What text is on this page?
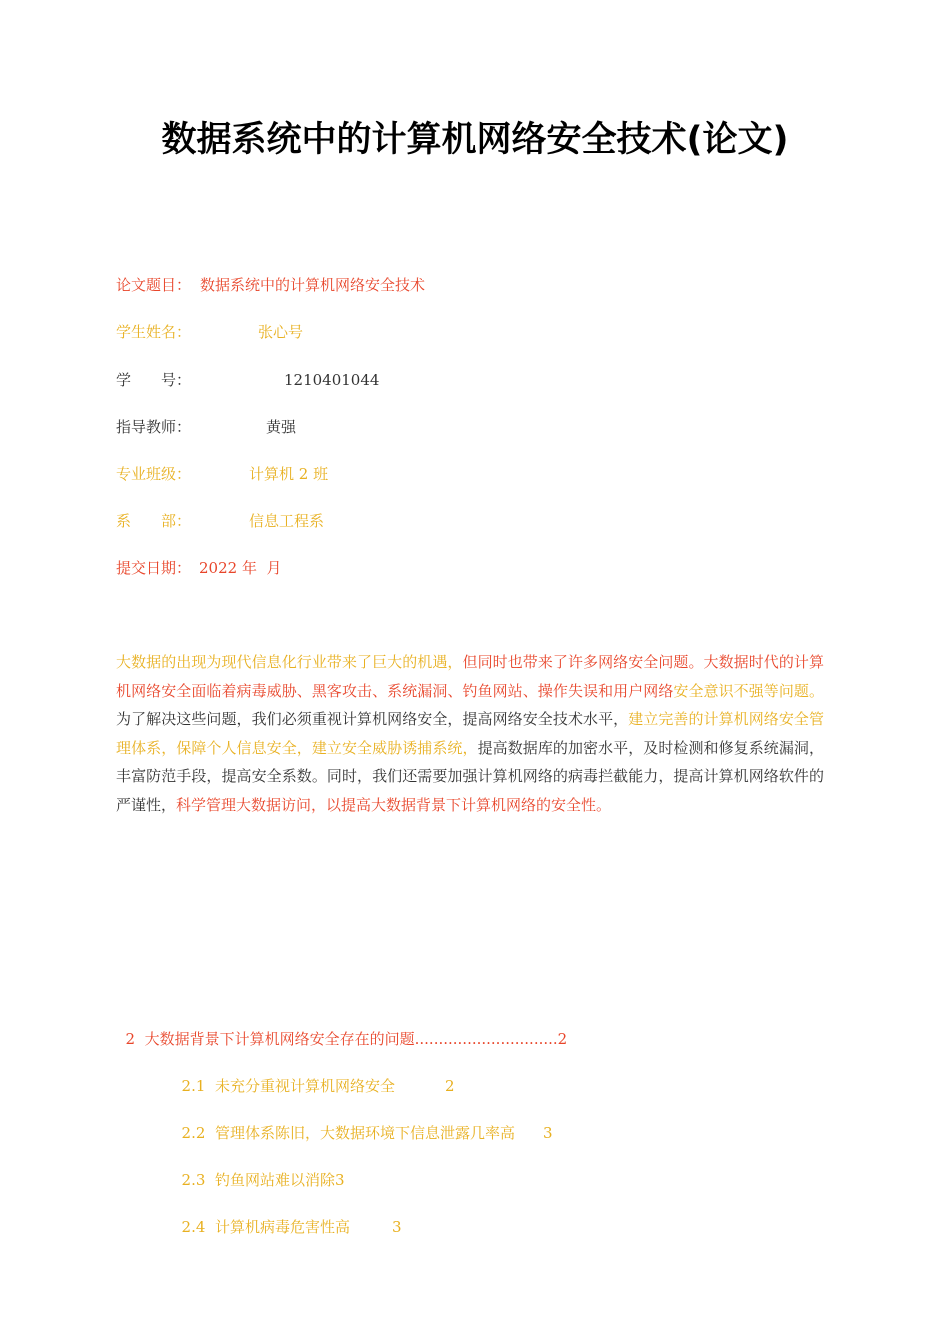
数据系统中的计算机网络安全技术(论文)

论文题目：

数据系统中的计算机网络安全技术

学生姓名：

	张心号

学　　号：

	1210401044

指导教师：

	黄强

专业班级：

	计算机 2 班

系　　部：

	信息工程系

提交日期：

2022 年  月

大数据的出现为现代信息化行业带来了巨大的机遇，但同时也带来了许多网络安全问题。大数据时代的计算机网络安全面临着病毒威胁、黑客攻击、系统漏洞、钓鱼网站、操作失误和用户网络安全意识不强等问题。为了解决这些问题，我们必须重视计算机网络安全，提高网络安全技术水平，建立完善的计算机网络安全管理体系，保障个人信息安全，建立安全威胁诱捕系统，提高数据库的加密水平，及时检测和修复系统漏洞，丰富防范手段，提高安全系数。同时，我们还需要加强计算机网络的病毒拦截能力，提高计算机网络软件的严谨性，科学管理大数据访问，以提高大数据背景下计算机网络的安全性。

2  大数据背景下计算机网络安全存在的问题..............................2

2.1  未充分重视计算机网络安全	2

2.2  管理体系陈旧，大数据环境下信息泄露几率高 3

2.3  钓鱼网站难以消除3

2.4  计算机病毒危害性高	3
